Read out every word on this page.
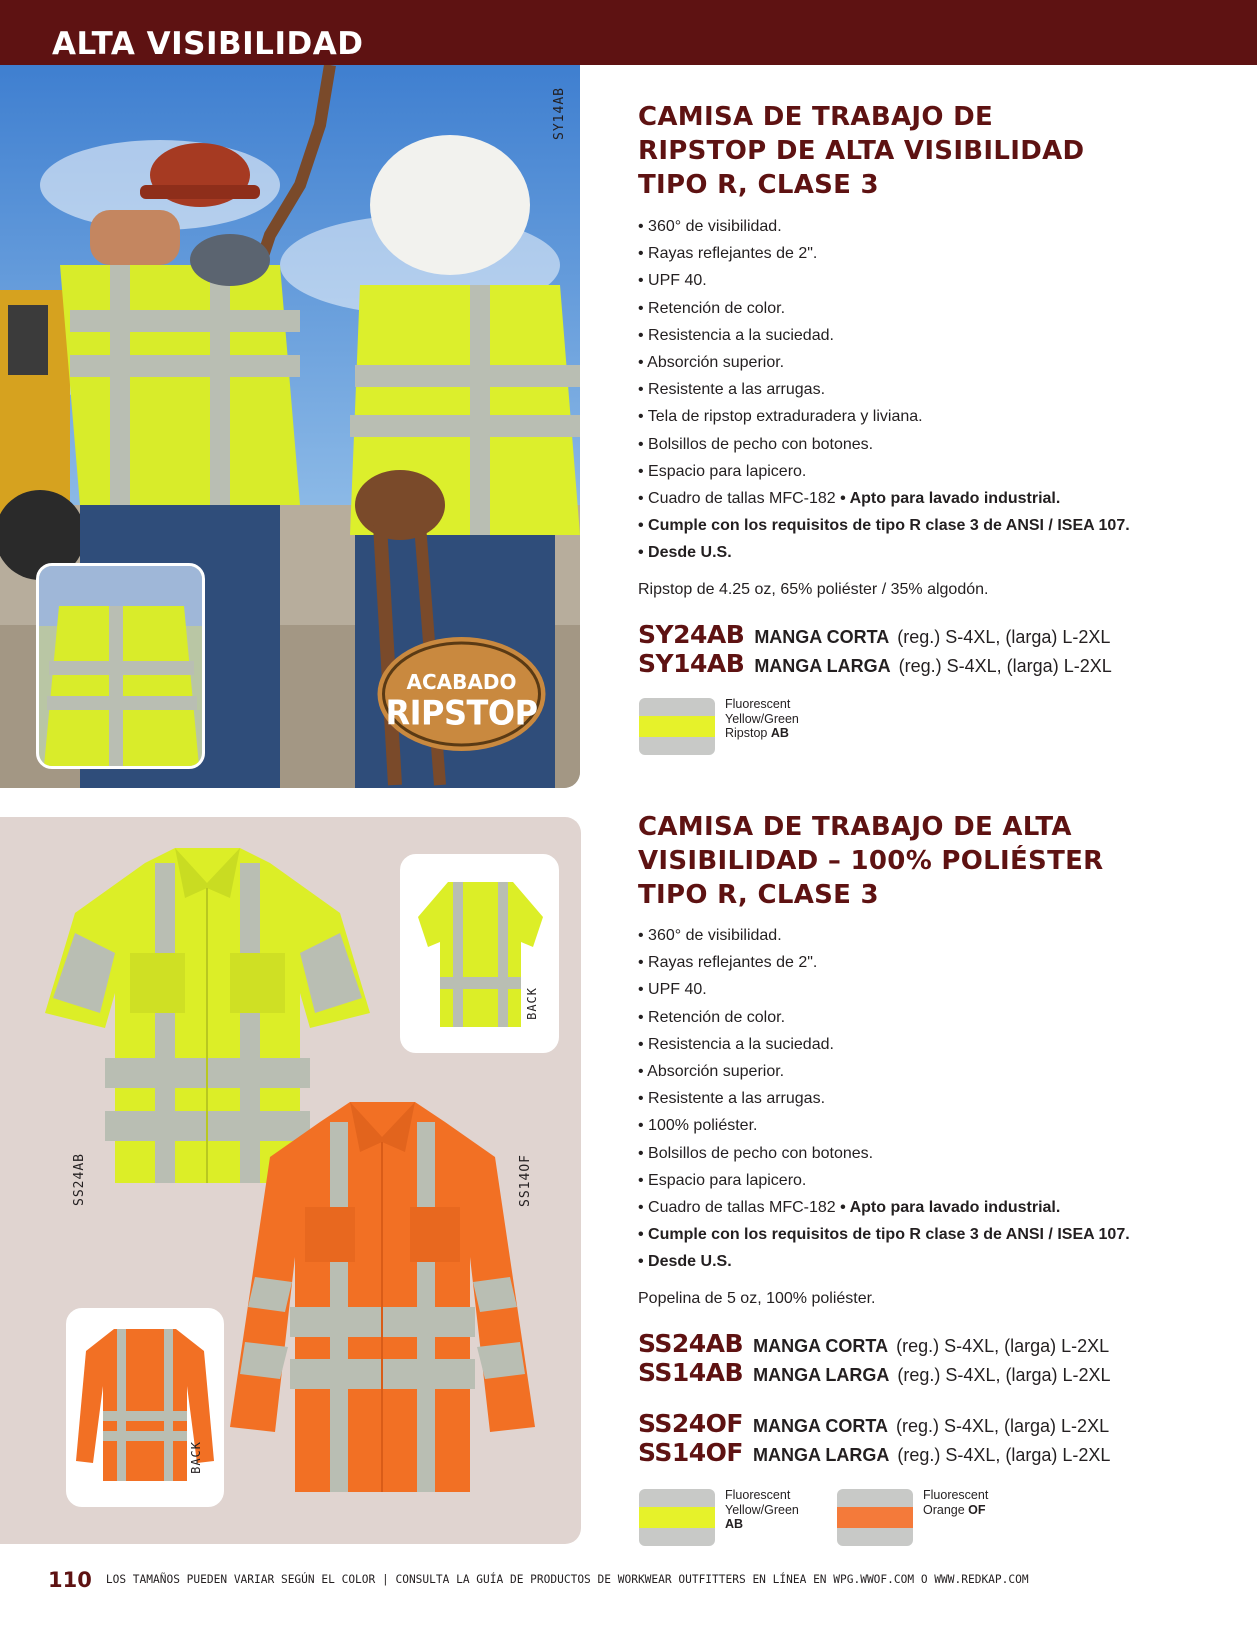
ALTA VISIBILIDAD
SY14AB
ACABADO
RIPSTOP
CAMISA DE TRABAJO DE
RIPSTOP DE ALTA VISIBILIDAD
TIPO R, CLASE 3
• 360° de visibilidad.
• Rayas reflejantes de 2".
• UPF 40.
• Retención de color.
• Resistencia a la suciedad.
• Absorción superior.
• Resistente a las arrugas.
• Tela de ripstop extraduradera y liviana.
• Bolsillos de pecho con botones.
• Espacio para lapicero.
• Cuadro de tallas MFC-182 • Apto para lavado industrial.
• Cumple con los requisitos de tipo R clase 3 de ANSI / ISEA 107.
• Desde U.S.
Ripstop de 4.25 oz, 65% poliéster / 35% algodón.
SY24AB MANGA CORTA (reg.) S-4XL, (larga) L-2XL
SY14AB MANGA LARGA (reg.) S-4XL, (larga) L-2XL
Fluorescent
Yellow/Green
Ripstop AB
SS24AB
BACK
SS14OF
BACK
CAMISA DE TRABAJO DE ALTA
VISIBILIDAD – 100% POLIÉSTER
TIPO R, CLASE 3
• 360° de visibilidad.
• Rayas reflejantes de 2".
• UPF 40.
• Retención de color.
• Resistencia a la suciedad.
• Absorción superior.
• Resistente a las arrugas.
• 100% poliéster.
• Bolsillos de pecho con botones.
• Espacio para lapicero.
• Cuadro de tallas MFC-182 • Apto para lavado industrial.
• Cumple con los requisitos de tipo R clase 3 de ANSI / ISEA 107.
• Desde U.S.
Popelina de 5 oz, 100% poliéster.
SS24AB MANGA CORTA (reg.) S-4XL, (larga) L-2XL
SS14AB MANGA LARGA (reg.) S-4XL, (larga) L-2XL
SS24OF MANGA CORTA (reg.) S-4XL, (larga) L-2XL
SS14OF MANGA LARGA (reg.) S-4XL, (larga) L-2XL
Fluorescent
Yellow/Green
AB
Fluorescent
Orange OF
110 $^{LOS TAMAÑOS PUEDEN VARIAR SEGÚN EL COLOR | CONSULTA LA GUÍA DE PRODUCTOS DE WORKWEAR OUTFITTERS EN LÍNEA EN WPG.WWOF.COM O WWW.REDKAP.COM}$
